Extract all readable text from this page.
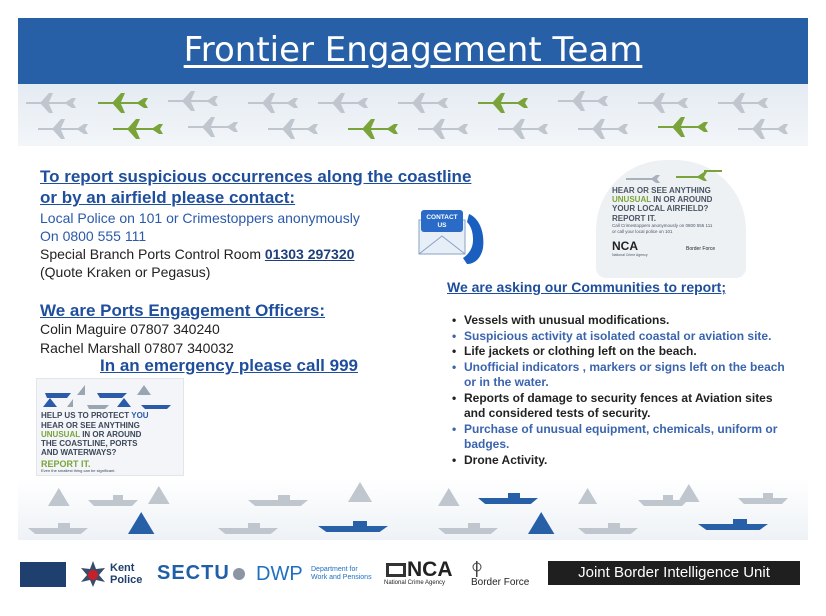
Frontier Engagement Team
To report suspicious occurrences along the coastline
or by an airfield please contact:
Local Police on 101 or Crimestoppers anonymously
On 0800 555 111
Special Branch Ports Control Room 01303 297320
(Quote Kraken or Pegasus)
CONTACT
US
We are Ports Engagement Officers:
Colin Maguire 07807 340240
Rachel Marshall 07807 340032
In an emergency please call 999
HELP US TO PROTECT YOU
HEAR OR SEE ANYTHING
UNUSUAL IN OR AROUND
THE COASTLINE, PORTS
AND WATERWAYS?
REPORT IT.
Even the smallest thing can be significant.
HEAR OR SEE ANYTHING
UNUSUAL IN OR AROUND
YOUR LOCAL AIRFIELD?
REPORT IT.
Call Crimestoppers anonymously on 0800 555 111
or call your local police on 101
NCA
National Crime Agency
Border Force
We are asking our Communities to report;
• Vessels with unusual modifications.
• Suspicious activity at isolated coastal or aviation site.
• Life jackets or clothing left on the beach.
• Unofficial indicators , markers or signs left on the beach or in the water.
• Reports of damage to security fences at Aviation sites and considered tests of security.
• Purchase of unusual equipment, chemicals, uniform or badges.
• Drone Activity.
Kent
Police SECTU DWP Department for
Work and Pensions NCA
National Crime Agency	Border Force
Joint Border Intelligence Unit
